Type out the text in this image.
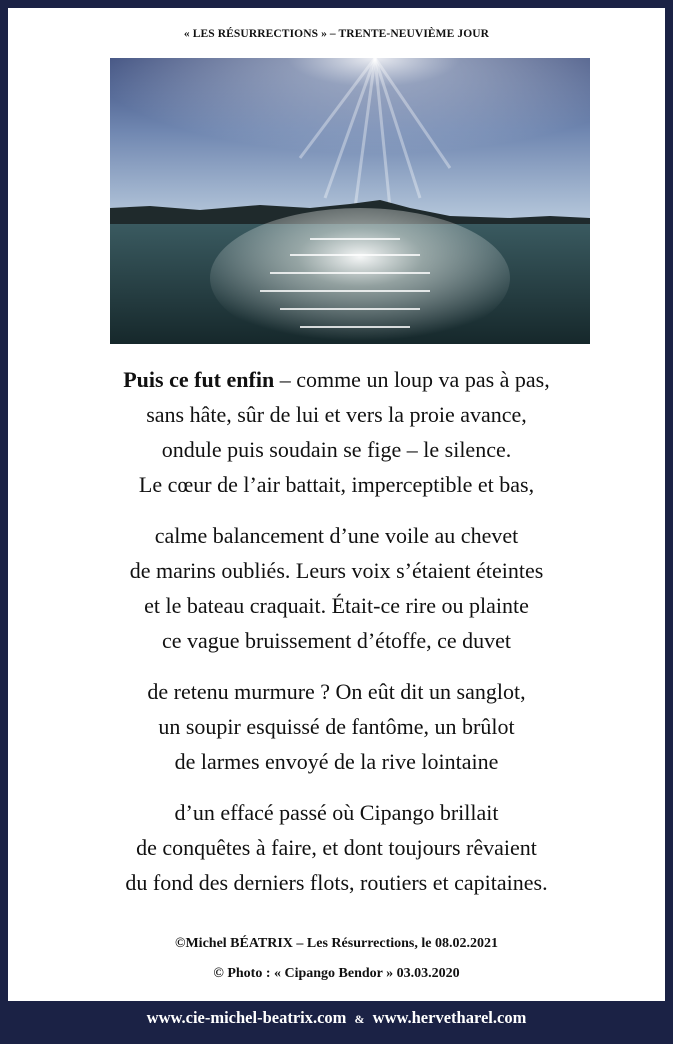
« LES RÉSURRECTIONS » – TRENTE-NEUVIÈME JOUR
Puis ce fut enfin – comme un loup va pas à pas,
sans hâte, sûr de lui et vers la proie avance,
ondule puis soudain se fige – le silence.
Le cœur de l’air battait, imperceptible et bas,
calme balancement d’une voile au chevet
de marins oubliés. Leurs voix s’étaient éteintes
et le bateau craquait. Était-ce rire ou plainte
ce vague bruissement d’étoffe, ce duvet
de retenu murmure ? On eût dit un sanglot,
un soupir esquissé de fantôme, un brûlot
de larmes envoyé de la rive lointaine
d’un effacé passé où Cipango brillait
de conquêtes à faire, et dont toujours rêvaient
du fond des derniers flots, routiers et capitaines.
©Michel BÉATRIX – Les Résurrections, le 08.02.2021
© Photo : « Cipango Bendor » 03.03.2020
www.cie-michel-beatrix.com & www.hervetharel.com
